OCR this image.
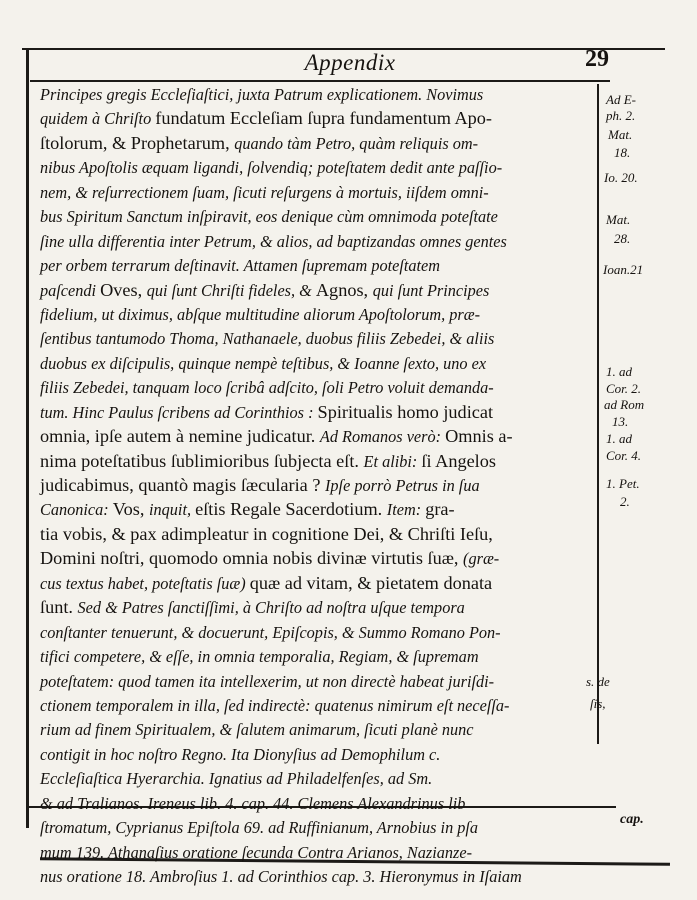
Appendix	29
Principes gregis Eccleſiaſtici, juxta Patrum explicationem. Novimus
quidem à Chriſto fundatum Eccleſiam ſupra fundamentum Apo-
ſtolorum, & Prophetarum, quando tàm Petro, quàm reliquis om-
nibus Apoſtolis æquam ligandi, ſolvendiq; poteſtatem dedit ante paſſio-
nem, & reſurrectionem ſuam, ſicuti reſurgens à mortuis, iiſdem omni-
bus Spiritum Sanctum inſpiravit, eos denique cùm omnimoda poteſtate
ſine ulla differentia inter Petrum, & alios, ad baptizandas omnes gentes
per orbem terrarum deſtinavit. Attamen ſupremam poteſtatem
paſcendi Oves, qui ſunt Chriſti fideles, & Agnos, qui ſunt Principes
fidelium, ut diximus, abſque multitudine aliorum Apoſtolorum, præ-
ſentibus tantumodo Thoma, Nathanaele, duobus filiis Zebedei, & aliis
duobus ex diſcipulis, quinque nempè teſtibus, & Ioanne ſexto, uno ex
filiis Zebedei, tanquam loco ſcribâ adſcito, ſoli Petro voluit demanda-
tum. Hinc Paulus ſcribens ad Corinthios : Spiritualis homo judicat
omnia, ipſe autem à nemine judicatur. Ad Romanos verò: Omnis a-
nima poteſtatibus ſublimioribus ſubjecta eſt. Et alibi: ſi Angelos
judicabimus, quantò magis ſæcularia ? Ipſe porrò Petrus in ſua
Canonica: Vos, inquit, eſtis Regale Sacerdotium. Item: gra-
tia vobis, & pax adimpleatur in cognitione Dei, & Chriſti Ieſu,
Domini noſtri, quomodo omnia nobis divinæ virtutis ſuæ, (græ-
cus textus habet, poteſtatis ſuæ) quæ ad vitam, & pietatem donata
ſunt. Sed & Patres ſanctiſſimi, à Chriſto ad noſtra uſque tempora
conſtanter tenuerunt, & docuerunt, Epiſcopis, & Summo Romano Pon-
tifici competere, & eſſe, in omnia temporalia, Regiam, & ſupremam
poteſtatem: quod tamen ita intellexerim, ut non directè habeat juriſdi-
ctionem temporalem in illa, ſed indirectè: quatenus nimirum eſt neceſſa-
rium ad finem Spiritualem, & ſalutem animarum, ſicuti planè nunc
contigit in hoc noſtro Regno. Ita Dionyſius ad Demophilum c.
Eccleſiaſtica Hyerarchia. Ignatius ad Philadelfenſes, ad Sm.
& ad Tralianos. Ireneus lib. 4. cap. 44. Clemens Alexandrinus lib
ſtromatum, Cyprianus Epiſtola 69. ad Ruffinianum, Arnobius in pſa
mum 139. Athanaſius oratione ſecunda Contra Arianos, Nazianze-
nus oratione 18. Ambroſius 1. ad Corinthios cap. 3. Hieronymus in Iſaiam
Ad E-
ph. 2.
Mat.
18.
Io. 20.
Mat.
28.
Ioan.21
1. ad
Cor. 2.
ad Rom
13.
1. ad
Cor. 4.
1. Pet.
2.
s. de
ſis,
cap.
